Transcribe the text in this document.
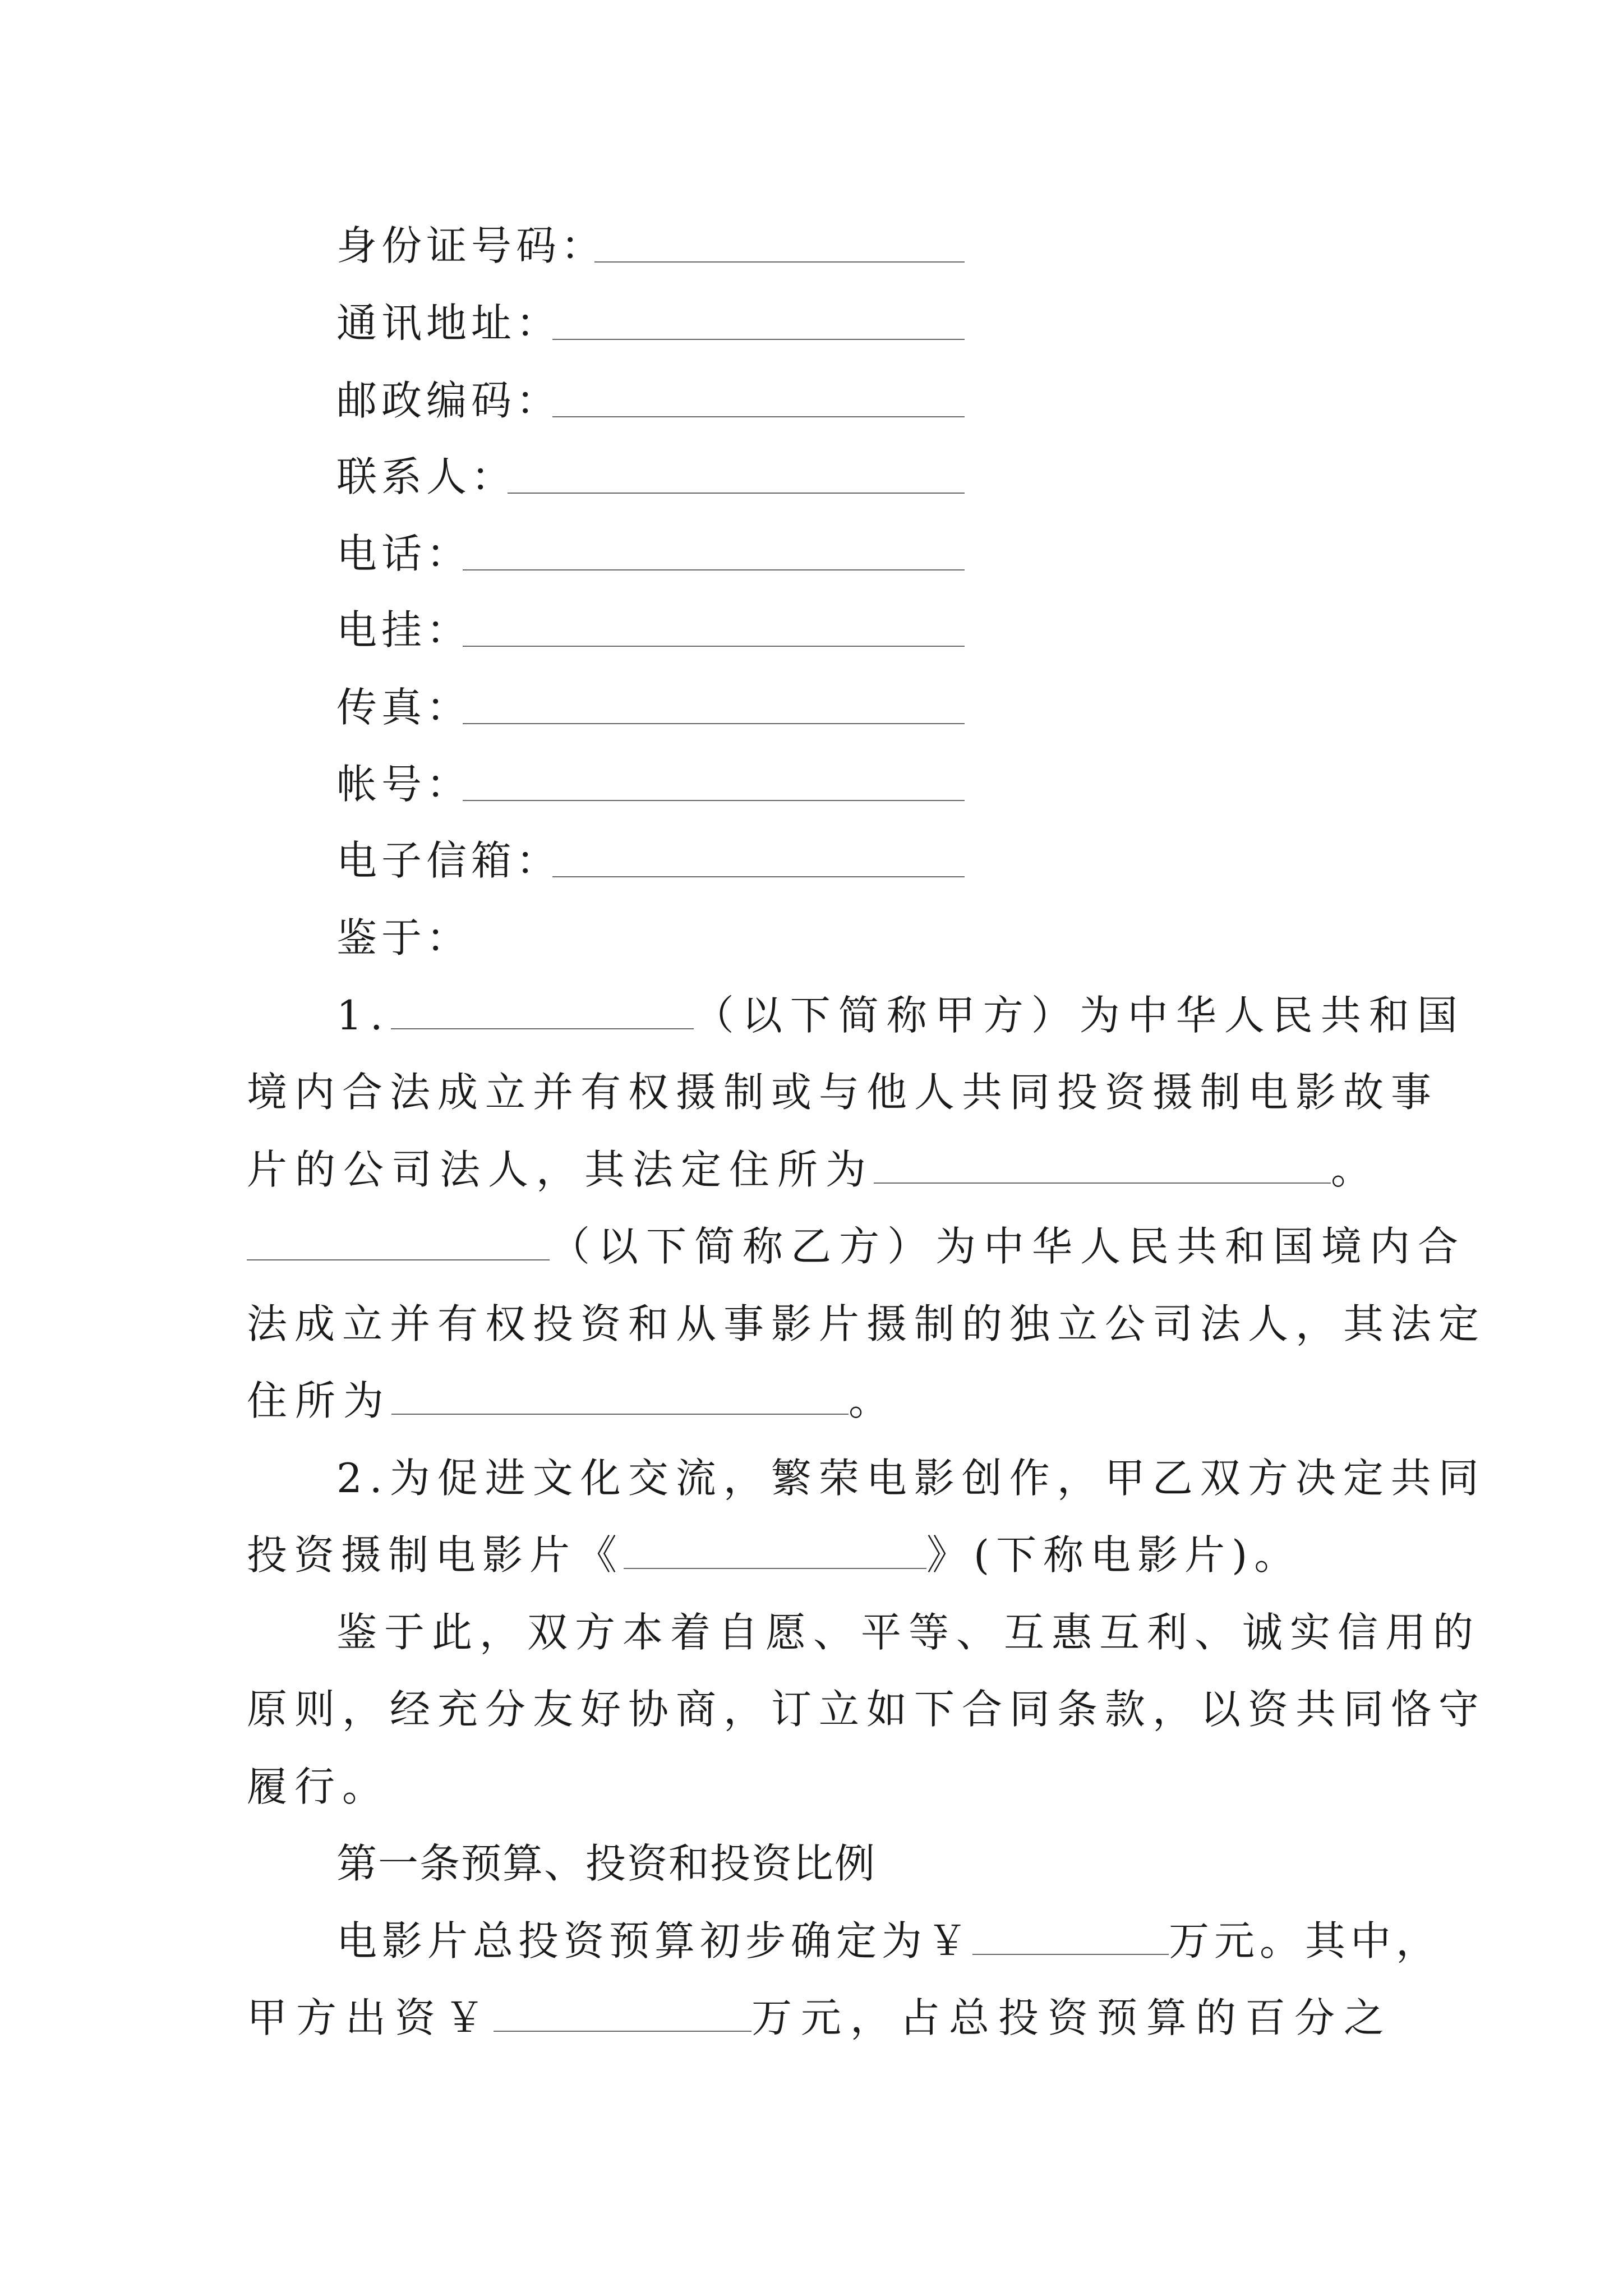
身份证号码：
通讯地址：
邮政编码：
联系人：
电话：
电挂：
传真：
帐号：
电子信箱：
鉴于：
1.	（以下简称甲方）为中华人民共和国
境内合法成立并有权摄制或与他人共同投资摄制电影故事
片的公司法人，其法定住所为	。
（以下简称乙方）为中华人民共和国境内合
法成立并有权投资和从事影片摄制的独立公司法人，其法定
住所为	。
2.为促进文化交流，繁荣电影创作，甲乙双方决定共同
投资摄制电影片《	》(下称电影片)。
鉴于此，双方本着自愿、平等、互惠互利、诚实信用的
原则，经充分友好协商，订立如下合同条款，以资共同恪守
履行。
第一条预算、投资和投资比例
电影片总投资预算初步确定为￥	万元。其中，
甲方出资￥	万元，占总投资预算的百分之
